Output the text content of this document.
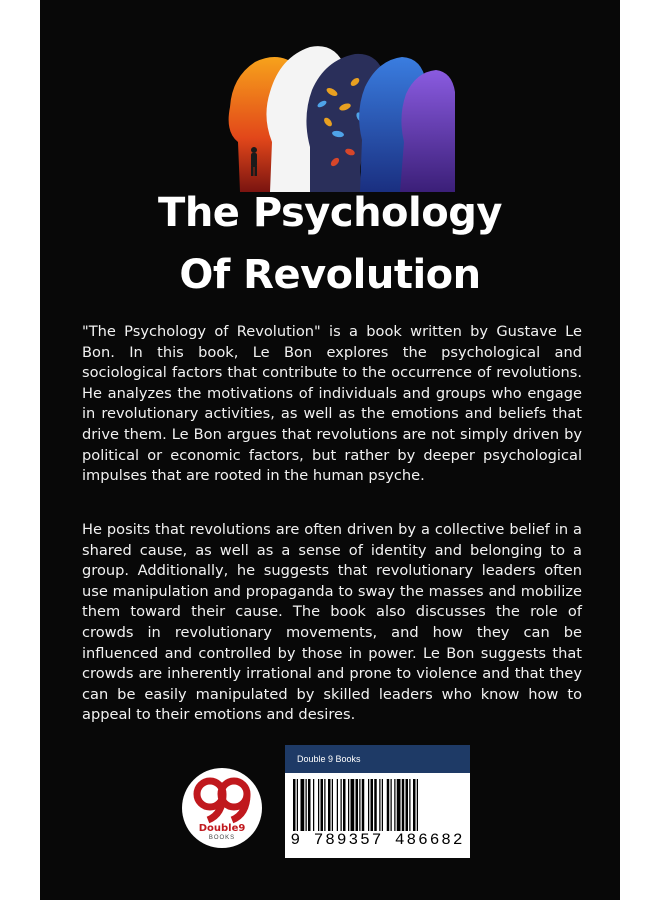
The Psychology
Of Revolution

"The Psychology of Revolution" is a book written by Gustave Le Bon. In this book, Le Bon explores the psychological and sociological factors that contribute to the occurrence of revolutions. He analyzes the motivations of individuals and groups who engage in revolutionary activities, as well as the emotions and beliefs that drive them. Le Bon argues that revolutions are not simply driven by political or economic factors, but rather by deeper psychological impulses that are rooted in the human psyche.

He posits that revolutions are often driven by a collective belief in a shared cause, as well as a sense of identity and belonging to a group. Additionally, he suggests that revolutionary leaders often use manipulation and propaganda to sway the masses and mobilize them toward their cause. The book also discusses the role of crowds in revolutionary movements, and how they can be influenced and controlled by those in power. Le Bon suggests that crowds are inherently irrational and prone to violence and that they can be easily manipulated by skilled leaders who know how to appeal to their emotions and desires.

Double9
BOOKS
Double 9 Books
9 789357 486682
